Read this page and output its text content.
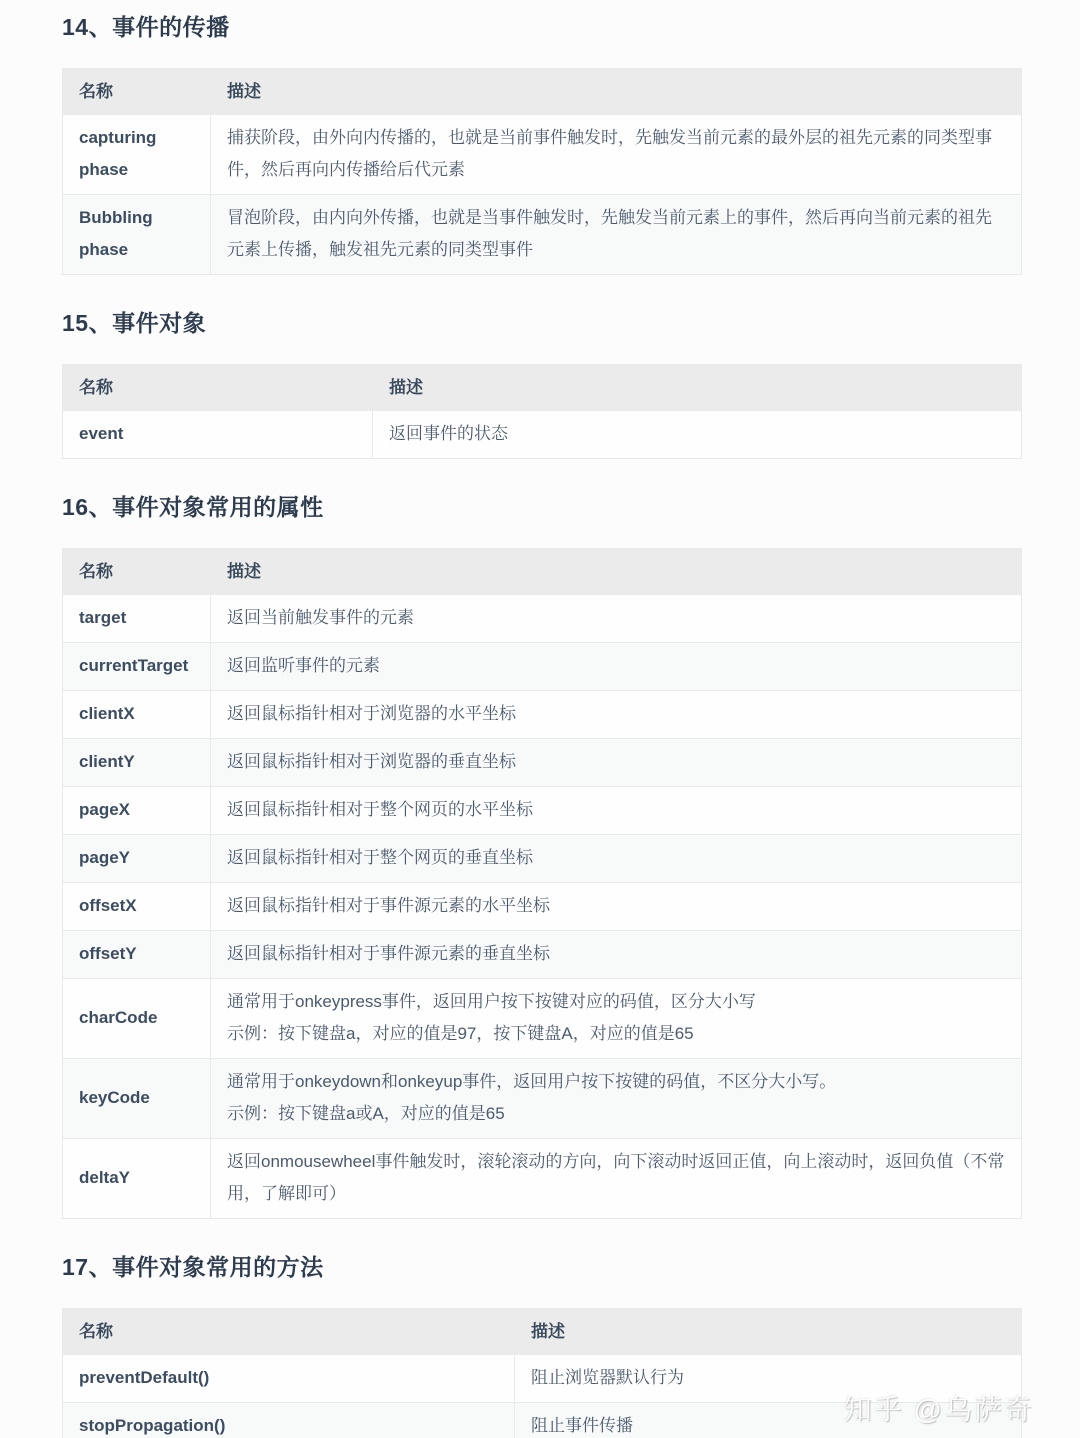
14、事件的传播
名称	描述
capturing phase	捕获阶段，由外向内传播的，也就是当前事件触发时，先触发当前元素的最外层的祖先元素的同类型事件，然后再向内传播给后代元素
Bubbling phase	冒泡阶段，由内向外传播，也就是当事件触发时，先触发当前元素上的事件，然后再向当前元素的祖先元素上传播，触发祖先元素的同类型事件
15、事件对象
名称	描述
event	返回事件的状态
16、事件对象常用的属性
名称	描述
target	返回当前触发事件的元素
currentTarget	返回监听事件的元素
clientX	返回鼠标指针相对于浏览器的水平坐标
clientY	返回鼠标指针相对于浏览器的垂直坐标
pageX	返回鼠标指针相对于整个网页的水平坐标
pageY	返回鼠标指针相对于整个网页的垂直坐标
offsetX	返回鼠标指针相对于事件源元素的水平坐标
offsetY	返回鼠标指针相对于事件源元素的垂直坐标
charCode	通常用于onkeypress事件，返回用户按下按键对应的码值，区分大小写
示例：按下键盘a，对应的值是97，按下键盘A，对应的值是65

keyCode	通常用于onkeydown和onkeyup事件，返回用户按下按键的码值，不区分大小写。
示例：按下键盘a或A，对应的值是65

deltaY	返回onmousewheel事件触发时，滚轮滚动的方向，向下滚动时返回正值，向上滚动时，返回负值（不常用，了解即可）
17、事件对象常用的方法
名称	描述
preventDefault()	阻止浏览器默认行为
stopPropagation()	阻止事件传播
知乎 @乌萨奇
